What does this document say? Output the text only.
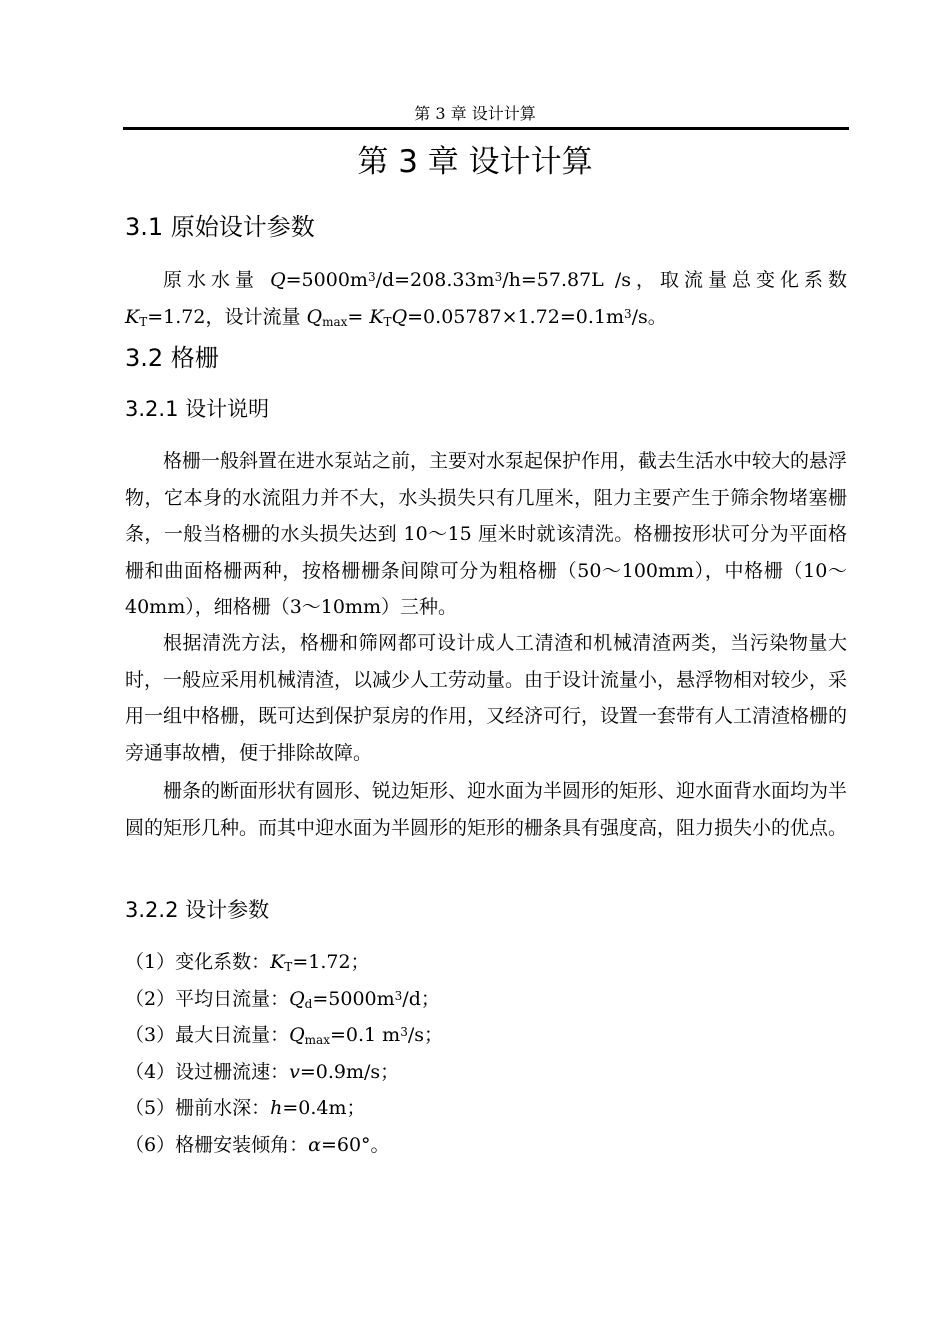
第 3 章 设计计算
第 3 章 设计计算
3.1 原始设计参数
原水水量 $Q=5000m^3/d=208.33m^3/h=57.87L$ /s，取流量总变化系数$K_T=1.72$，设计流量 $Q_{max}= K_TQ=0.05787\times 1.72=0.1m^3/s$。
3.2 格栅
3.2.1 设计说明
格栅一般斜置在进水泵站之前，主要对水泵起保护作用，截去生活水中较大的悬浮物，它本身的水流阻力并不大，水头损失只有几厘米，阻力主要产生于筛余物堵塞栅条，一般当格栅的水头损失达到 10～15 厘米时就该清洗。格栅按形状可分为平面格栅和曲面格栅两种，按格栅栅条间隙可分为粗格栅（50～100mm），中格栅（10～40mm），细格栅（3～10mm）三种。
根据清洗方法，格栅和筛网都可设计成人工清渣和机械清渣两类，当污染物量大时，一般应采用机械清渣，以减少人工劳动量。由于设计流量小，悬浮物相对较少，采用一组中格栅，既可达到保护泵房的作用，又经济可行，设置一套带有人工清渣格栅的旁通事故槽，便于排除故障。
栅条的断面形状有圆形、锐边矩形、迎水面为半圆形的矩形、迎水面背水面均为半圆的矩形几种。而其中迎水面为半圆形的矩形的栅条具有强度高，阻力损失小的优点。
3.2.2 设计参数
（1）变化系数：$K_T=1.72$；
（2）平均日流量：$Q_d=5000m^3/d$；
（3）最大日流量：$Q_{max}=0.1$ $m^3/s$；
（4）设过栅流速：v=0.9m/s；
（5）栅前水深：h=0.4m；
（6）格栅安装倾角：α=60°。
